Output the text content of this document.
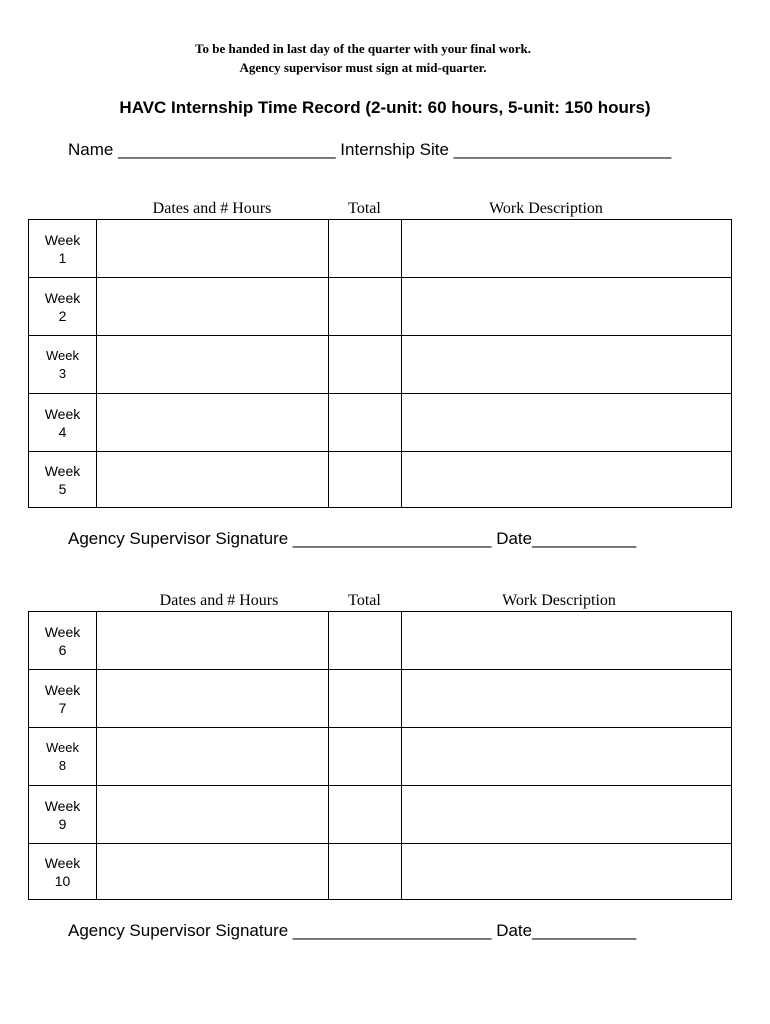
To be handed in last day of the quarter with your final work.
Agency supervisor must sign at mid-quarter.
HAVC Internship Time Record (2-unit: 60 hours, 5-unit: 150 hours)
Name _______________________ Internship Site _______________________
Dates and # Hours	Total	Work Description
Week
1			
Week
2			
Week
3			
Week
4			
Week
5			
Agency Supervisor Signature _____________________ Date___________
Dates and # Hours	Total	Work Description
Week
6			
Week
7			
Week
8			
Week
9			
Week
10			
Agency Supervisor Signature _____________________ Date___________
